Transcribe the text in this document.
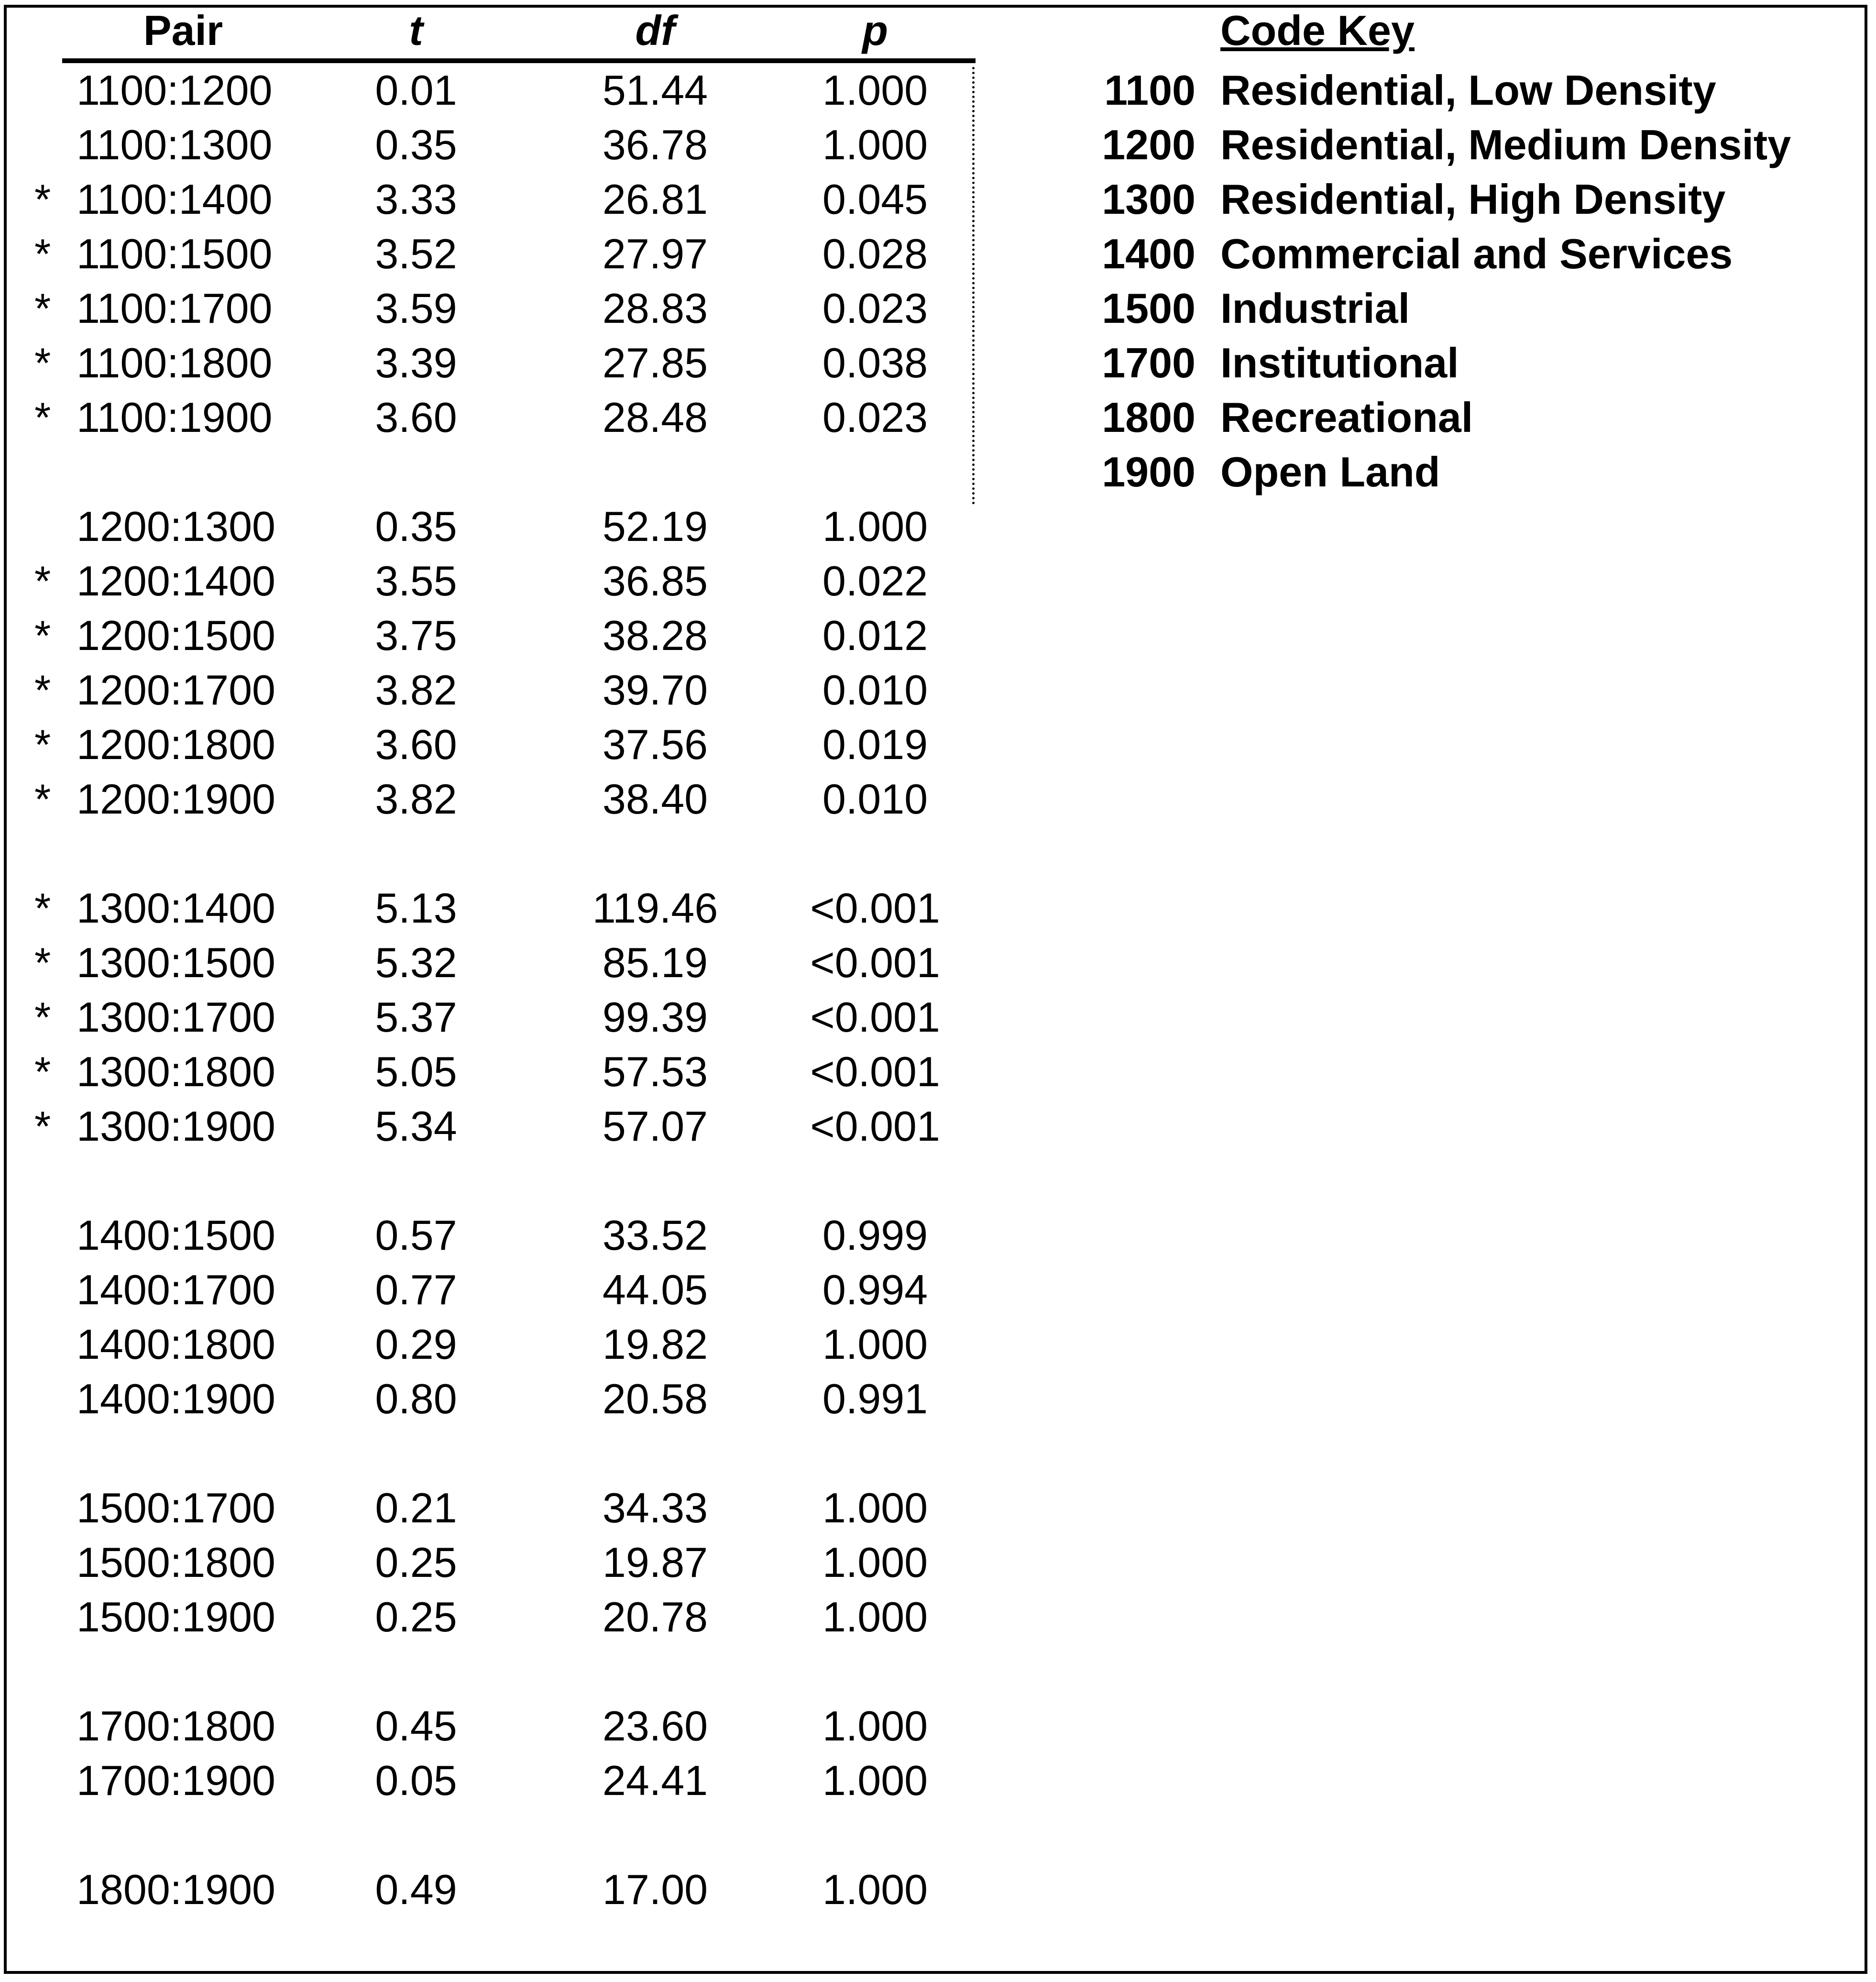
Pair	t	df	p
1100:1200	0.01	51.44	1.000
1100:1300	0.35	36.78	1.000
* 1100:1400	3.33	26.81	0.045
* 1100:1500	3.52	27.97	0.028
* 1100:1700	3.59	28.83	0.023
* 1100:1800	3.39	27.85	0.038
* 1100:1900	3.60	28.48	0.023
1200:1300	0.35	52.19	1.000
* 1200:1400	3.55	36.85	0.022
* 1200:1500	3.75	38.28	0.012
* 1200:1700	3.82	39.70	0.010
* 1200:1800	3.60	37.56	0.019
* 1200:1900	3.82	38.40	0.010
* 1300:1400	5.13	119.46 <0.001
* 1300:1500	5.32	85.19	<0.001
* 1300:1700	5.37	99.39	<0.001
* 1300:1800	5.05	57.53	<0.001
* 1300:1900	5.34	57.07	<0.001
1400:1500	0.57	33.52	0.999
1400:1700	0.77	44.05	0.994
1400:1800	0.29	19.82	1.000
1400:1900	0.80	20.58	0.991
1500:1700	0.21	34.33	1.000
1500:1800	0.25	19.87	1.000
1500:1900	0.25	20.78	1.000
1700:1800	0.45	23.60	1.000
1700:1900	0.05	24.41	1.000
1800:1900	0.49	17.00	1.000
Code Key
1100 Residential, Low Density
1200 Residential, Medium Density
1300 Residential, High Density
1400 Commercial and Services
1500 Industrial
1700 Institutional
1800 Recreational
1900 Open Land
